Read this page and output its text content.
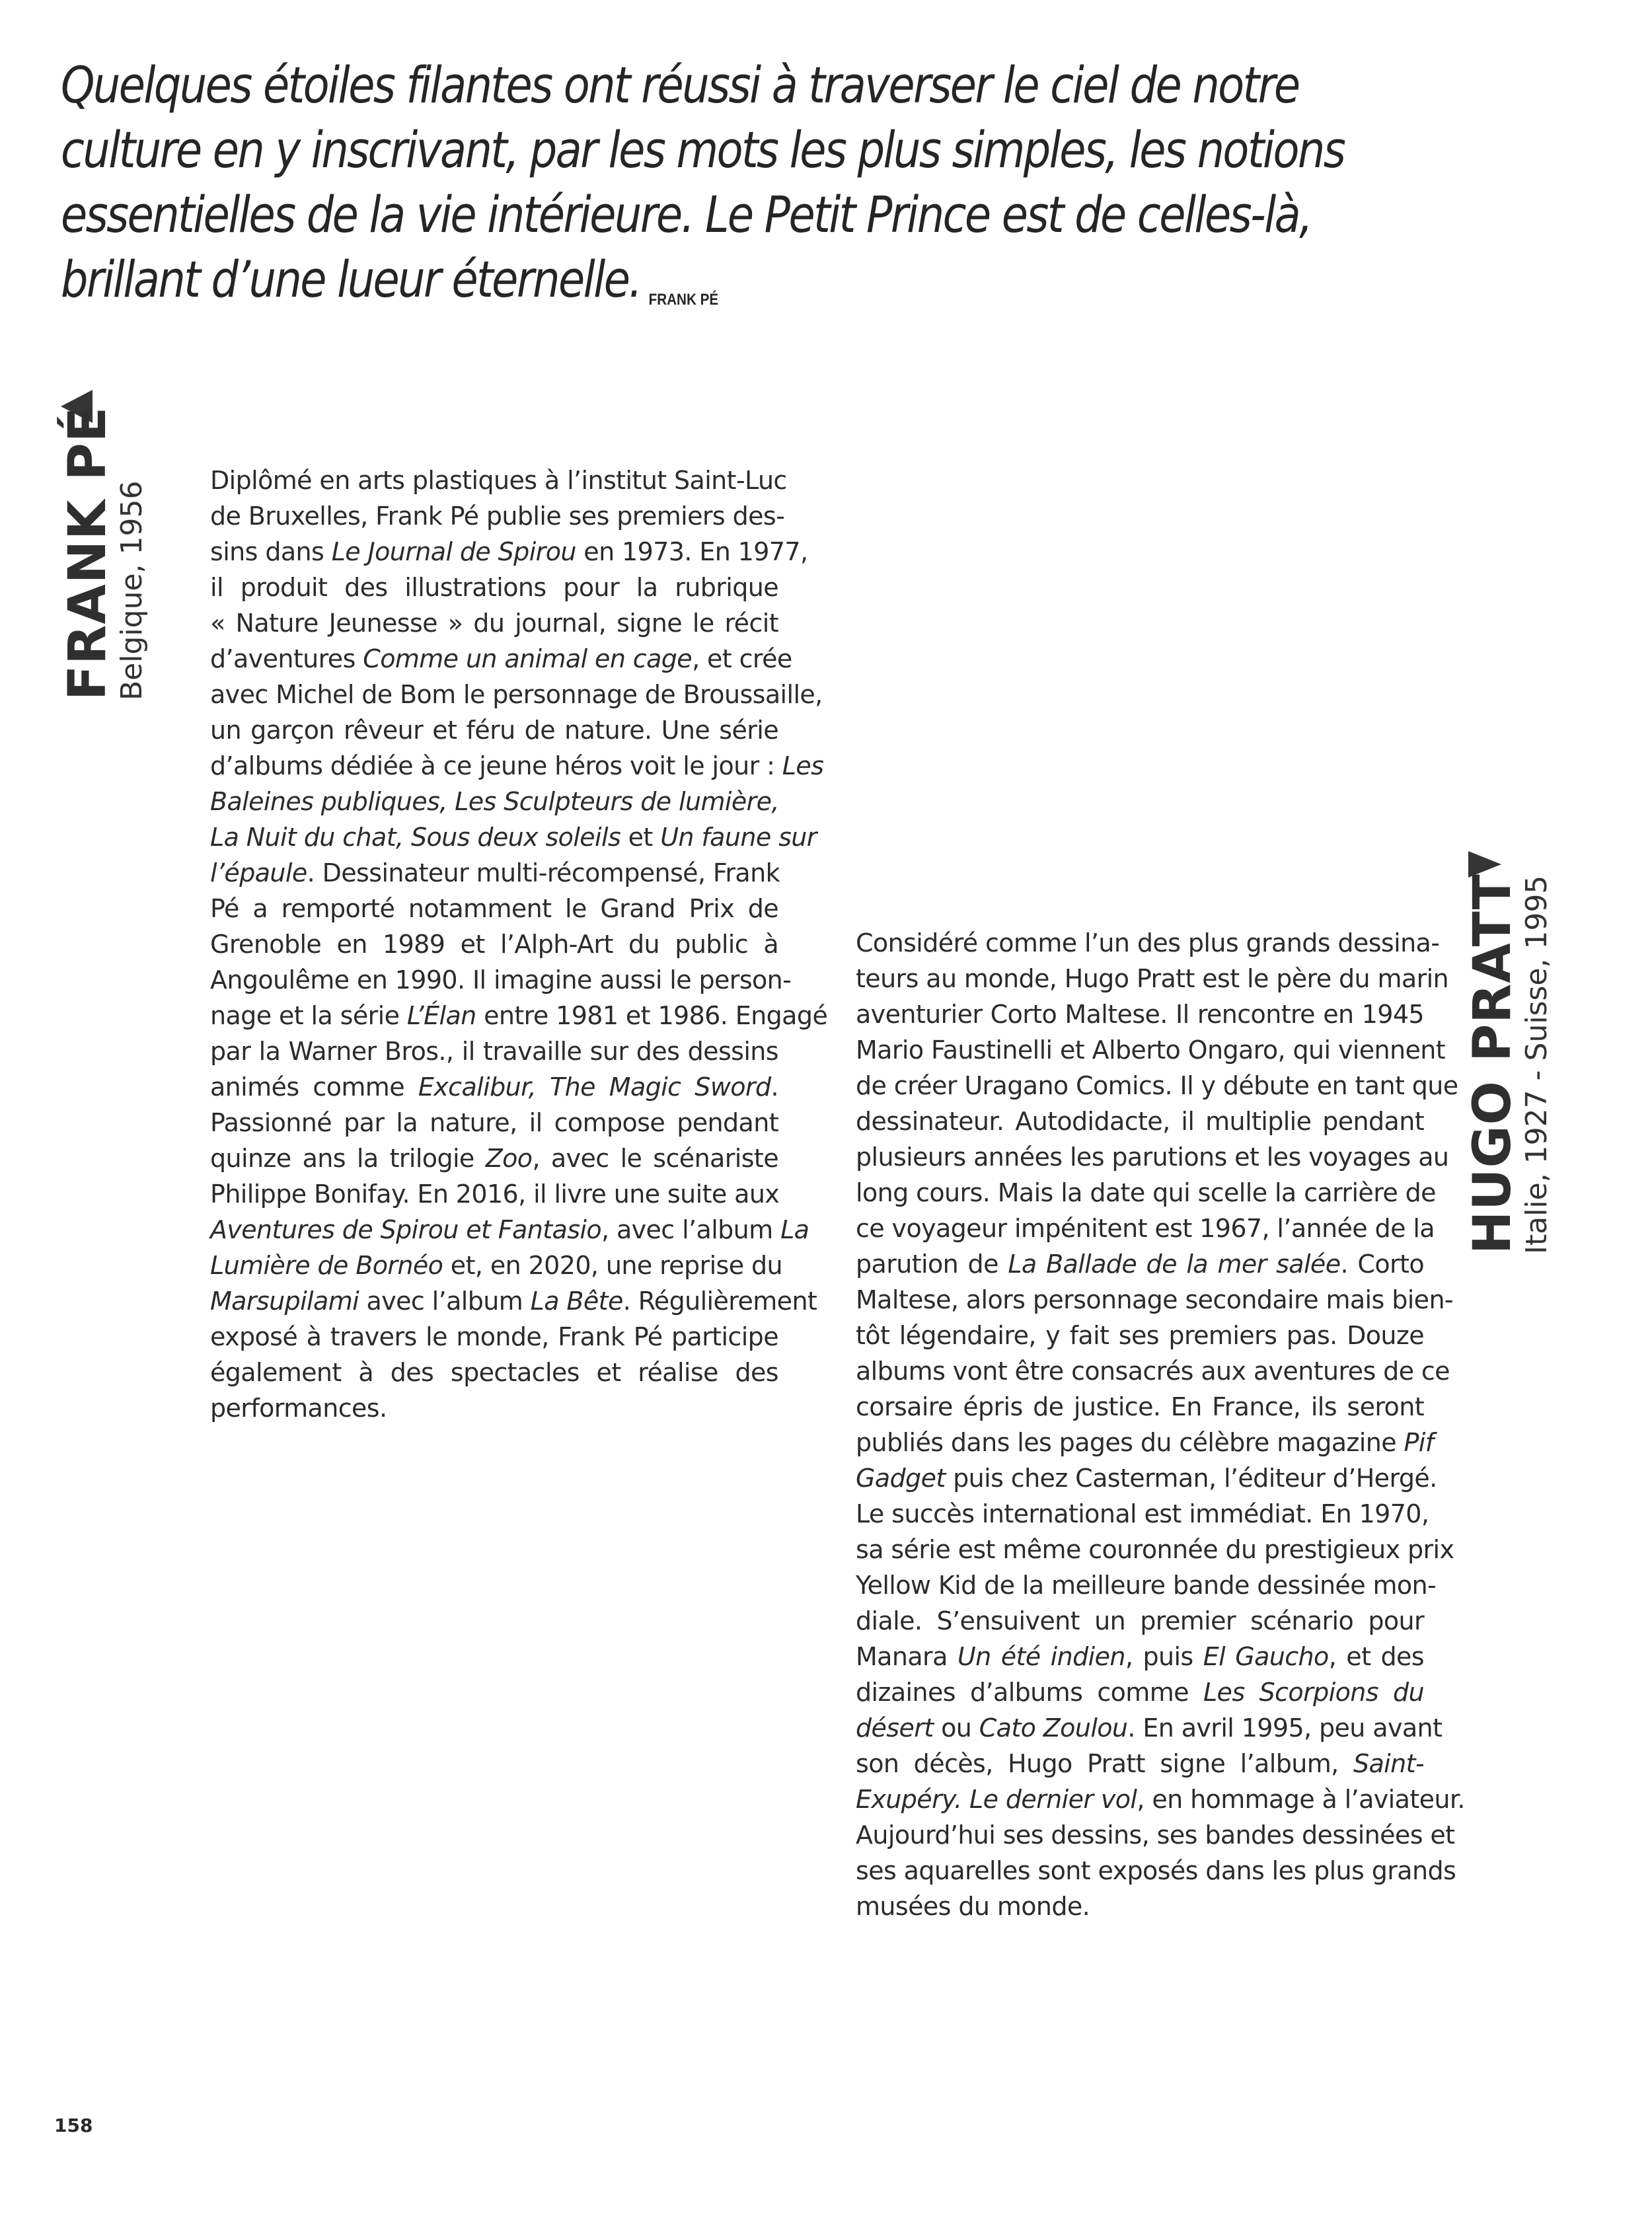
Quelques étoiles filantes ont réussi à traverser le ciel de notre
culture en y inscrivant, par les mots les plus simples, les notions
essentielles de la vie intérieure. Le Petit Prince est de celles-là,
brillant d’une lueur éternelle. FRANK PÉ
FRANK PÉ
Belgique, 1956
Diplômé en arts plastiques à l’institut Saint-Luc
de Bruxelles, Frank Pé publie ses premiers des-
sins dans Le Journal de Spirou en 1973. En 1977,
il produit des illustrations pour la rubrique
« Nature Jeunesse » du journal, signe le récit
d’aventures Comme un animal en cage, et crée
avec Michel de Bom le personnage de Broussaille,
un garçon rêveur et féru de nature. Une série
d’albums dédiée à ce jeune héros voit le jour : Les
Baleines publiques, Les Sculpteurs de lumière,
La Nuit du chat, Sous deux soleils et Un faune sur
l’épaule. Dessinateur multi-récompensé, Frank
Pé a remporté notamment le Grand Prix de
Grenoble en 1989 et l’Alph-Art du public à
Angoulême en 1990. Il imagine aussi le person-
nage et la série L’Élan entre 1981 et 1986. Engagé
par la Warner Bros., il travaille sur des dessins
animés comme Excalibur, The Magic Sword.
Passionné par la nature, il compose pendant
quinze ans la trilogie Zoo, avec le scénariste
Philippe Bonifay. En 2016, il livre une suite aux
Aventures de Spirou et Fantasio, avec l’album La
Lumière de Bornéo et, en 2020, une reprise du
Marsupilami avec l’album La Bête. Régulièrement
exposé à travers le monde, Frank Pé participe
également à des spectacles et réalise des
performances.
HUGO PRATT
Italie, 1927 - Suisse, 1995
Considéré comme l’un des plus grands dessina-
teurs au monde, Hugo Pratt est le père du marin
aventurier Corto Maltese. Il rencontre en 1945
Mario Faustinelli et Alberto Ongaro, qui viennent
de créer Uragano Comics. Il y débute en tant que
dessinateur. Autodidacte, il multiplie pendant
plusieurs années les parutions et les voyages au
long cours. Mais la date qui scelle la carrière de
ce voyageur impénitent est 1967, l’année de la
parution de La Ballade de la mer salée. Corto
Maltese, alors personnage secondaire mais bien-
tôt légendaire, y fait ses premiers pas. Douze
albums vont être consacrés aux aventures de ce
corsaire épris de justice. En France, ils seront
publiés dans les pages du célèbre magazine Pif
Gadget puis chez Casterman, l’éditeur d’Hergé.
Le succès international est immédiat. En 1970,
sa série est même couronnée du prestigieux prix
Yellow Kid de la meilleure bande dessinée mon-
diale. S’ensuivent un premier scénario pour
Manara Un été indien, puis El Gaucho, et des
dizaines d’albums comme Les Scorpions du
désert ou Cato Zoulou. En avril 1995, peu avant
son décès, Hugo Pratt signe l’album, Saint-
Exupéry. Le dernier vol, en hommage à l’aviateur.
Aujourd’hui ses dessins, ses bandes dessinées et
ses aquarelles sont exposés dans les plus grands
musées du monde.
158
